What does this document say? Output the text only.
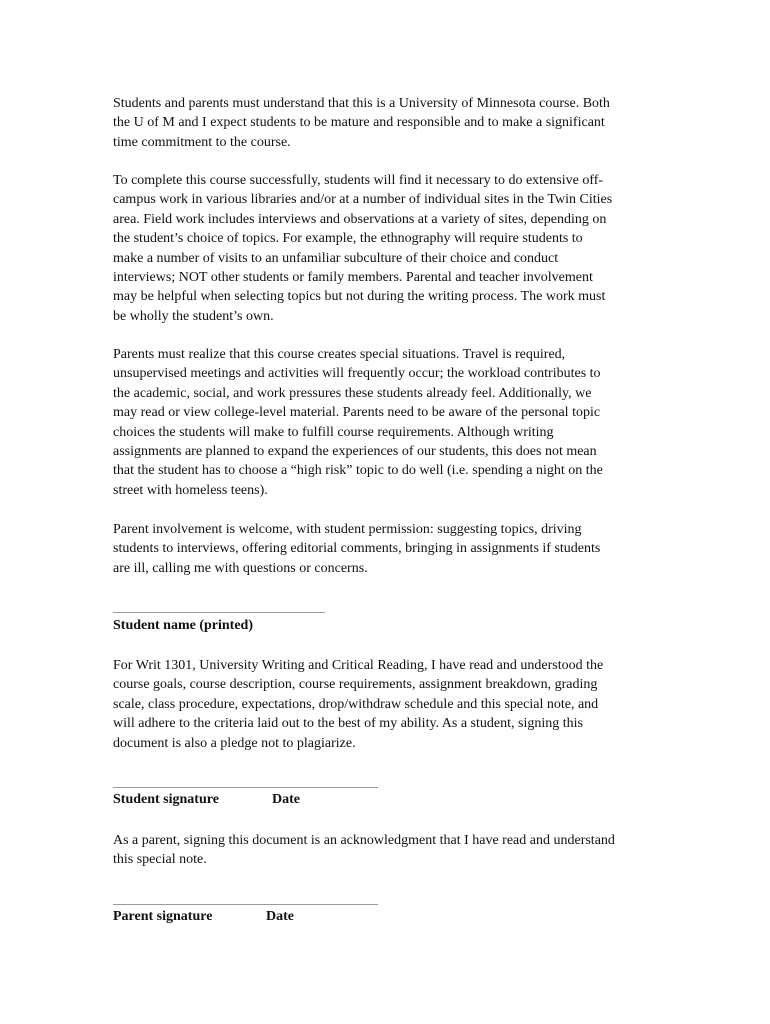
Students and parents must understand that this is a University of Minnesota course. Both
the U of M and I expect students to be mature and responsible and to make a significant
time commitment to the course.

To complete this course successfully, students will find it necessary to do extensive off-
campus work in various libraries and/or at a number of individual sites in the Twin Cities
area. Field work includes interviews and observations at a variety of sites, depending on
the student’s choice of topics. For example, the ethnography will require students to
make a number of visits to an unfamiliar subculture of their choice and conduct
interviews; NOT other students or family members. Parental and teacher involvement
may be helpful when selecting topics but not during the writing process. The work must
be wholly the student’s own.

Parents must realize that this course creates special situations. Travel is required,
unsupervised meetings and activities will frequently occur; the workload contributes to
the academic, social, and work pressures these students already feel. Additionally, we
may read or view college-level material. Parents need to be aware of the personal topic
choices the students will make to fulfill course requirements. Although writing
assignments are planned to expand the experiences of our students, this does not mean
that the student has to choose a “high risk” topic to do well (i.e. spending a night on the
street with homeless teens).

Parent involvement is welcome, with student permission: suggesting topics, driving
students to interviews, offering editorial comments, bringing in assignments if students
are ill, calling me with questions or concerns.

Student name (printed)

For Writ 1301, University Writing and Critical Reading, I have read and understood the
course goals, course description, course requirements, assignment breakdown, grading
scale, class procedure, expectations, drop/withdraw schedule and this special note, and
will adhere to the criteria laid out to the best of my ability. As a student, signing this
document is also a pledge not to plagiarize.

Student signature	Date

As a parent, signing this document is an acknowledgment that I have read and understand
this special note.

Parent signature	Date
